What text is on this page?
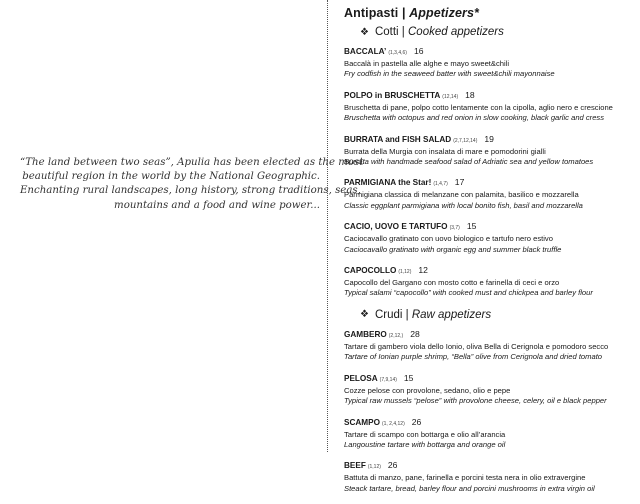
“The land between two seas”, Apulia has been elected as the most
beautiful region in the world by the National Geographic.
Enchanting rural landscapes, long history, strong traditions, seas,
mountains and a food and wine power...
Antipasti | Appetizers*
❖ Cotti | Cooked appetizers
BACCALA’ (1,3,4,6) 16
Baccalà in pastella alle alghe e mayo sweet&chili
Fry codfish in the seaweed batter with sweet&chili mayonnaise
POLPO in BRUSCHETTA (12,14) 18
Bruschetta di pane, polpo cotto lentamente con la cipolla, aglio nero e crescione
Bruschetta with octopus and red onion in slow cooking, black garlic and cress
BURRATA and FISH SALAD (2,7,12,14) 19
Burrata della Murgia con insalata di mare e pomodorini gialli
Burrata with handmade seafood salad of Adriatic sea and yellow tomatoes
PARMIGIANA the Star! (1,4,7) 17
Parmigiana classica di melanzane con palamita, basilico e mozzarella
Classic eggplant parmigiana with local bonito fish, basil and mozzarella
CACIO, UOVO E TARTUFO (3,7) 15
Caciocavallo gratinato con uovo biologico e tartufo nero estivo
Caciocavallo gratinato with organic egg and summer black truffle
CAPOCOLLO (1,12) 12
Capocollo del Gargano con mosto cotto e farinella di ceci e orzo
Typical salami “capocollo” with cooked must and chickpea and barley flour
❖ Crudi | Raw appetizers
GAMBERO (2,12,) 28
Tartare di gambero viola dello Ionio, oliva Bella di Cerignola e pomodoro secco
Tartare of Ionian purple shrimp, “Bella” olive from Cerignola and dried tomato
PELOSA (7,9,14) 15
Cozze pelose con provolone, sedano, olio e pepe
Typical raw mussels “pelose” with provolone cheese, celery, oil e black pepper
SCAMPO (1, 2,4,12) 26
Tartare di scampo con bottarga e olio all’arancia
Langoustine tartare with bottarga and orange oil
BEEF (1,12) 26
Battuta di manzo, pane, farinella e porcini testa nera in olio extravergine
Steack tartare, bread, barley flour and porcini mushrooms in extra virgin oil
